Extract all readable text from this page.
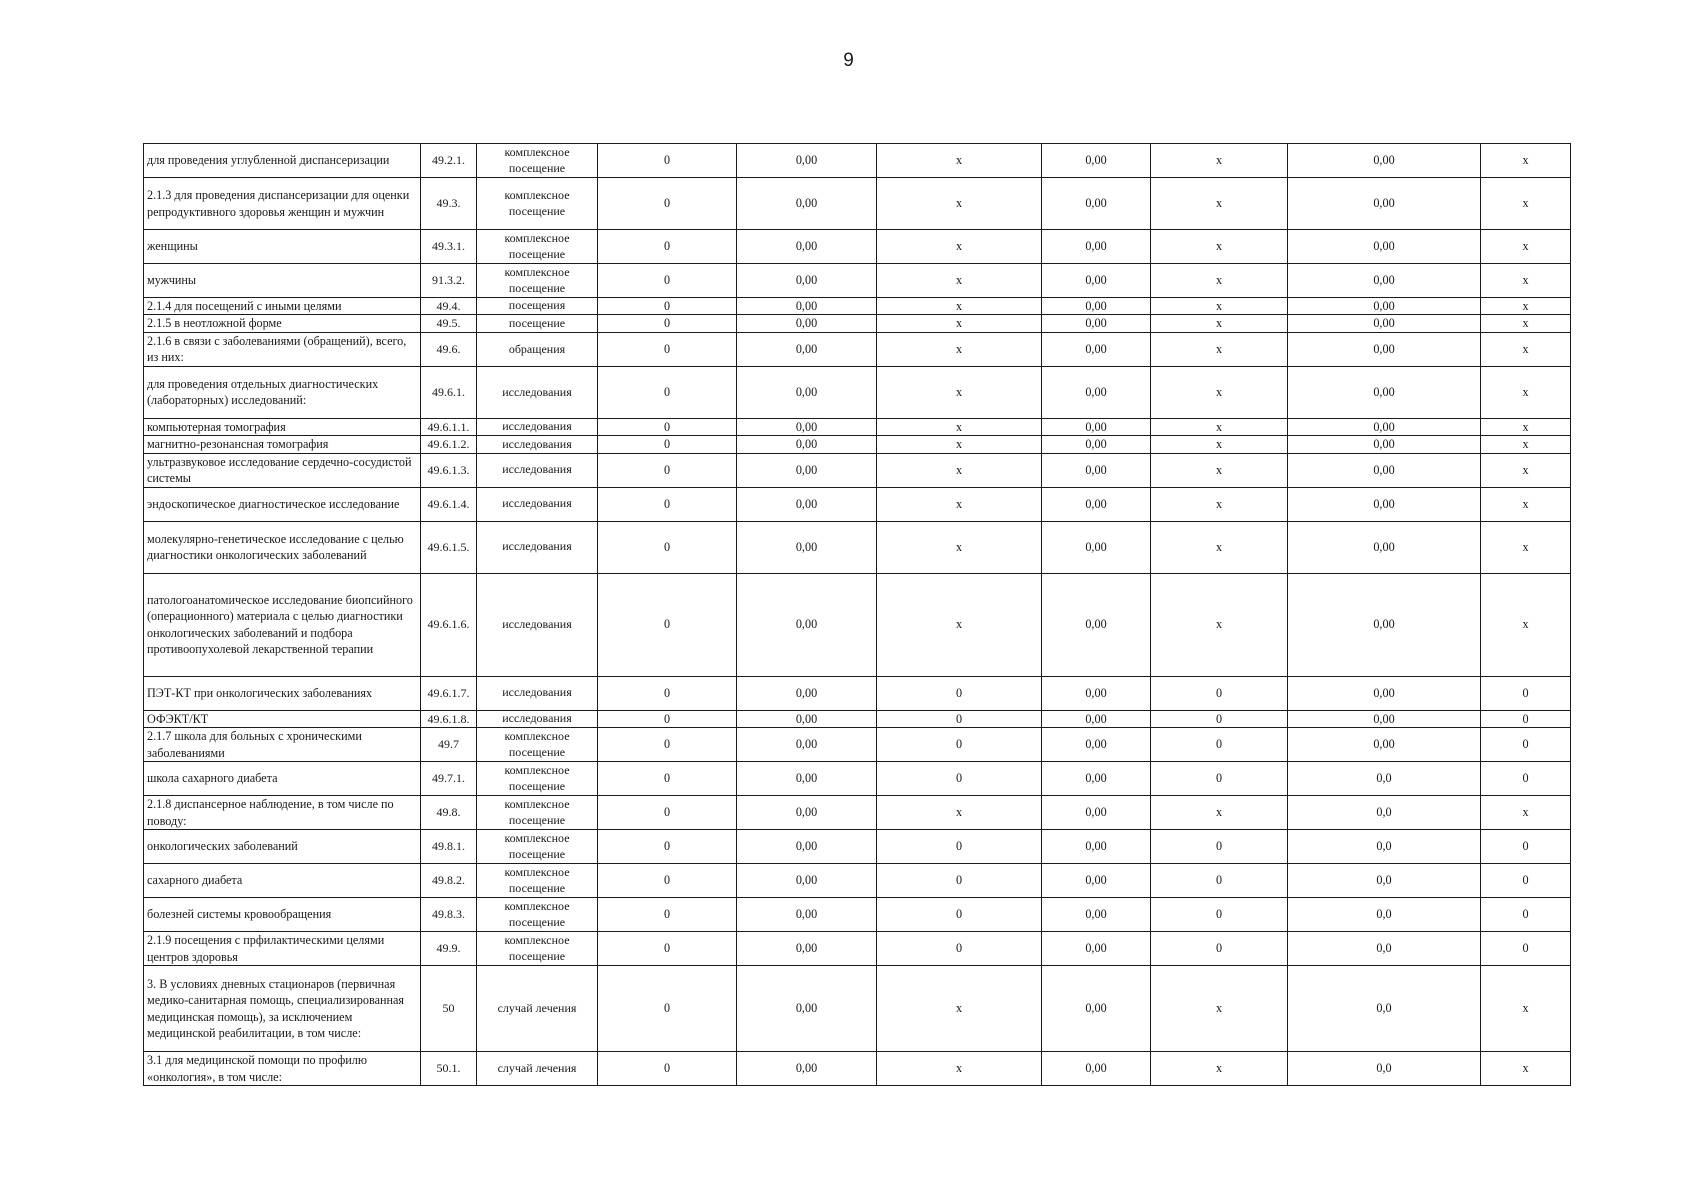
9
для проведения углубленной диспансеризации	49.2.1.	комплексное посещение	0	0,00	x	0,00	x	0,00	x
2.1.3 для проведения диспансеризации для оценки репродуктивного здоровья женщин и мужчин	49.3.	комплексное посещение	0	0,00	x	0,00	x	0,00	x
женщины	49.3.1.	комплексное посещение	0	0,00	x	0,00	x	0,00	x
мужчины	91.3.2.	комплексное посещение	0	0,00	x	0,00	x	0,00	x
2.1.4 для посещений с иными целями	49.4.	посещения	0	0,00	x	0,00	x	0,00	x
2.1.5 в неотложной форме	49.5.	посещение	0	0,00	x	0,00	x	0,00	x
2.1.6 в связи с заболеваниями (обращений), всего, из них:	49.6.	обращения	0	0,00	x	0,00	x	0,00	x
для проведения отдельных диагностических (лабораторных) исследований:	49.6.1.	исследования	0	0,00	x	0,00	x	0,00	x
компьютерная томография	49.6.1.1.	исследования	0	0,00	x	0,00	x	0,00	x
магнитно-резонансная томография	49.6.1.2.	исследования	0	0,00	x	0,00	x	0,00	x
ультразвуковое исследование сердечно-сосудистой системы	49.6.1.3.	исследования	0	0,00	x	0,00	x	0,00	x
эндоскопическое диагностическое исследование	49.6.1.4.	исследования	0	0,00	x	0,00	x	0,00	x
молекулярно-генетическое исследование с целью диагностики онкологических заболеваний	49.6.1.5.	исследования	0	0,00	x	0,00	x	0,00	x
патологоанатомическое исследование биопсийного (операционного) материала с целью диагностики онкологических заболеваний и подбора противоопухолевой лекарственной терапии	49.6.1.6.	исследования	0	0,00	x	0,00	x	0,00	x
ПЭТ-КТ при онкологических заболеваниях	49.6.1.7.	исследования	0	0,00	0	0,00	0	0,00	0
ОФЭКТ/КТ	49.6.1.8.	исследования	0	0,00	0	0,00	0	0,00	0
2.1.7 школа для больных с хроническими заболеваниями	49.7	комплексное посещение	0	0,00	0	0,00	0	0,00	0
школа сахарного диабета	49.7.1.	комплексное посещение	0	0,00	0	0,00	0	0,0	0
2.1.8 диспансерное наблюдение, в том числе по поводу:	49.8.	комплексное посещение	0	0,00	x	0,00	x	0,0	x
онкологических заболеваний	49.8.1.	комплексное посещение	0	0,00	0	0,00	0	0,0	0
сахарного диабета	49.8.2.	комплексное посещение	0	0,00	0	0,00	0	0,0	0
болезней системы кровообращения	49.8.3.	комплексное посещение	0	0,00	0	0,00	0	0,0	0
2.1.9 посещения с прфилактическими целями центров здоровья	49.9.	комплексное посещение	0	0,00	0	0,00	0	0,0	0
3. В условиях дневных стационаров (первичная медико-санитарная помощь, специализированная медицинская помощь), за исключением медицинской реабилитации, в том числе:	50	случай лечения	0	0,00	x	0,00	x	0,0	x
3.1 для медицинской помощи по профилю «онкология», в том числе:	50.1.	случай лечения	0	0,00	x	0,00	x	0,0	x
